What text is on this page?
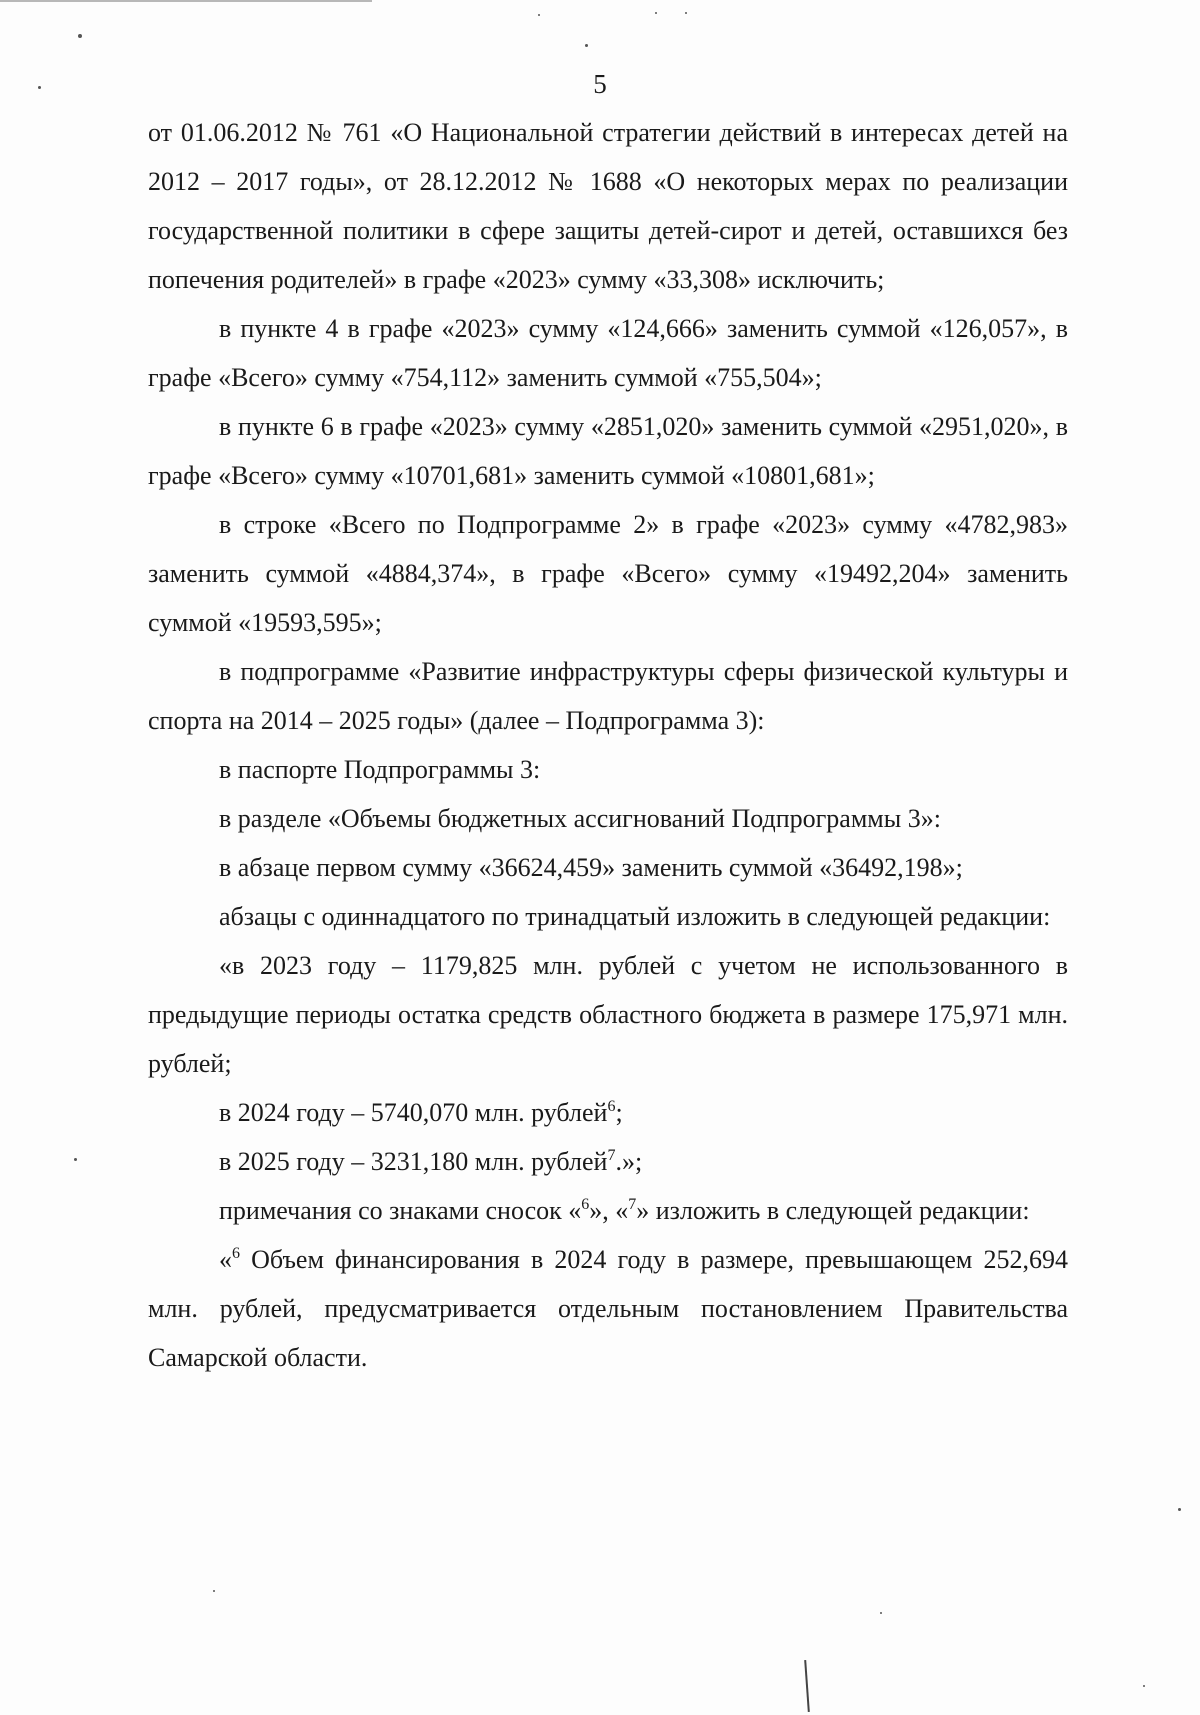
5

от 01.06.2012 № 761 «О Национальной стратегии действий в интересах детей на 2012 – 2017 годы», от 28.12.2012 № 1688 «О некоторых мерах по реализации государственной политики в сфере защиты детей-сирот и детей, оставшихся без попечения родителей» в графе «2023» сумму «33,308» исключить;

в пункте 4 в графе «2023» сумму «124,666» заменить суммой «126,057», в графе «Всего» сумму «754,112» заменить суммой «755,504»;

в пункте 6 в графе «2023» сумму «2851,020» заменить суммой «2951,020», в графе «Всего» сумму «10701,681» заменить суммой «10801,681»;

в строке «Всего по Подпрограмме 2» в графе «2023» сумму «4782,983» заменить суммой «4884,374», в графе «Всего» сумму «19492,204» заменить суммой «19593,595»;

в подпрограмме «Развитие инфраструктуры сферы физической культуры и спорта на 2014 – 2025 годы» (далее – Подпрограмма 3):

в паспорте Подпрограммы 3:

в разделе «Объемы бюджетных ассигнований Подпрограммы 3»:

в абзаце первом сумму «36624,459» заменить суммой «36492,198»;

абзацы с одиннадцатого по тринадцатый изложить в следующей редакции:

«в 2023 году – 1179,825 млн. рублей с учетом не использованного в предыдущие периоды остатка средств областного бюджета в размере 175,971 млн. рублей;

в 2024 году – 5740,070 млн. рублей$^6$;

в 2025 году – 3231,180 млн. рублей$^7$.»;

примечания со знаками сносок «$^6$», «$^7$» изложить в следующей редакции:

«$^6$ Объем финансирования в 2024 году в размере, превышающем 252,694 млн. рублей, предусматривается отдельным постановлением Правительства Самарской области.
